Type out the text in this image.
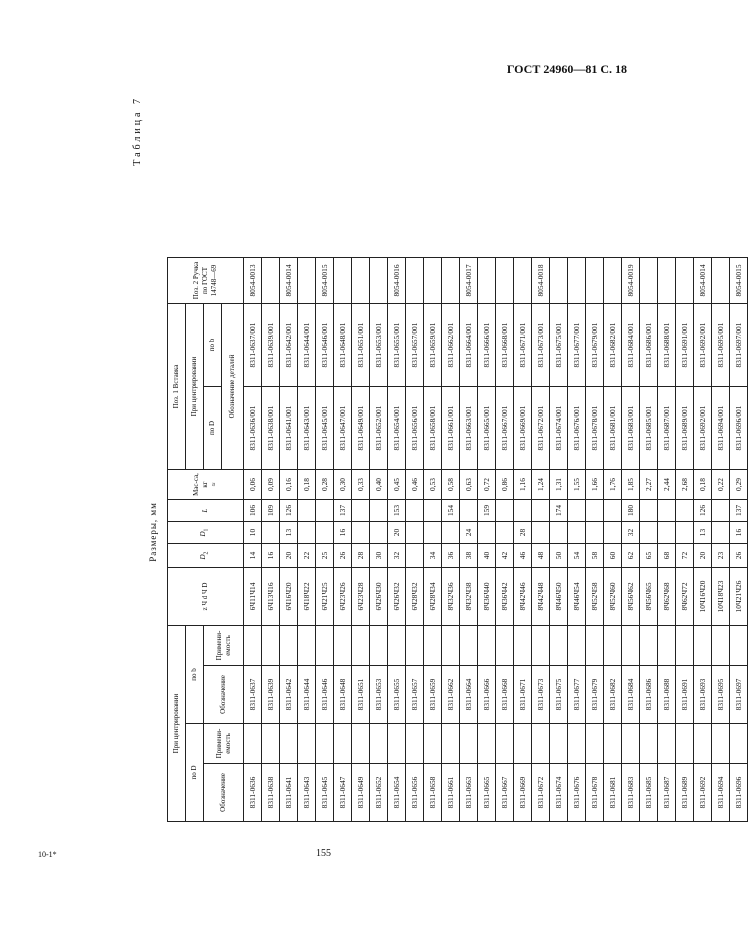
ГОСТ 24960—81 С. 18
Таблица 7
Размеры, мм
При центрировании				z Ч d Ч D	$D_2$	$D_1$	L	Мас-са, кг
≈	Поз. 1 Вставка		Поз. 2 Ручка по ГОСТ 14748—69
по D		по b							При центрировании		
Обозначение	Примени-емость	Обозначение	Примени-емость						по D	по b	
									Обозначение деталей		
8311-0636		8311-0637		6Ч11Ч14	14	10	106	0,06	8311-0636/001	8311-0637/001	8054-0013
8311-0638		8311-0639		6Ч13Ч16	16		109	0,09	8311-0638/001	8311-0639/001	
8311-0641		8311-0642		6Ч16Ч20	20	13	126	0,16	8311-0641/001	8311-0642/001	8054-0014
8311-0643		8311-0644		6Ч18Ч22	22			0,18	8311-0643/001	8311-0644/001	
8311-0645		8311-0646		6Ч21Ч25	25			0,28	8311-0645/001	8311-0646/001	8054-0015
8311-0647		8311-0648		6Ч23Ч26	26	16	137	0,30	8311-0647/001	8311-0648/001	
8311-0649		8311-0651		6Ч23Ч28	28			0,33	8311-0649/001	8311-0651/001	
8311-0652		8311-0653		6Ч26Ч30	30			0,40	8311-0652/001	8311-0653/001	
8311-0654		8311-0655		6Ч26Ч32	32	20	153	0,45	8311-0654/001	8311-0655/001	8054-0016
8311-0656		8311-0657		6Ч28Ч32				0,46	8311-0656/001	8311-0657/001	
8311-0658		8311-0659		6Ч28Ч34	34			0,53	8311-0658/001	8311-0659/001	
8311-0661		8311-0662		8Ч32Ч36	36		154	0,58	8311-0661/001	8311-0662/001	
8311-0663		8311-0664		8Ч32Ч38	38	24		0,63	8311-0663/001	8311-0664/001	8054-0017
8311-0665		8311-0666		8Ч36Ч40	40		159	0,72	8311-0665/001	8311-0666/001	
8311-0667		8311-0668		8Ч36Ч42	42			0,86	8311-0667/001	8311-0668/001	
8311-0669		8311-0671		8Ч42Ч46	46	28		1,16	8311-0669/001	8311-0671/001	
8311-0672		8311-0673		8Ч42Ч48	48			1,24	8311-0672/001	8311-0673/001	8054-0018
8311-0674		8311-0675		8Ч46Ч50	50		174	1,31	8311-0674/001	8311-0675/001	
8311-0676		8311-0677		8Ч46Ч54	54			1,55	8311-0676/001	8311-0677/001	
8311-0678		8311-0679		8Ч52Ч58	58			1,66	8311-0678/001	8311-0679/001	
8311-0681		8311-0682		8Ч52Ч60	60			1,76	8311-0681/001	8311-0682/001	
8311-0683		8311-0684		8Ч56Ч62	62	32	180	1,85	8311-0683/001	8311-0684/001	8054-0019
8311-0685		8311-0686		8Ч56Ч65	65			2,27	8311-0685/001	8311-0686/001	
8311-0687		8311-0688		8Ч62Ч68	68			2,44	8311-0687/001	8311-0688/001	
8311-0689		8311-0691		8Ч62Ч72	72			2,68	8311-0689/001	8311-0691/001	
8311-0692		8311-0693		10Ч16Ч20	20	13	126	0,18	8311-0692/001	8311-0692/001	8054-0014
8311-0694		8311-0695		10Ч18Ч23	23			0,22	8311-0694/001	8311-0695/001	
8311-0696		8311-0697		10Ч21Ч26	26	16	137	0,29	8311-0696/001	8311-0697/001	8054-0015
10-1*	155
